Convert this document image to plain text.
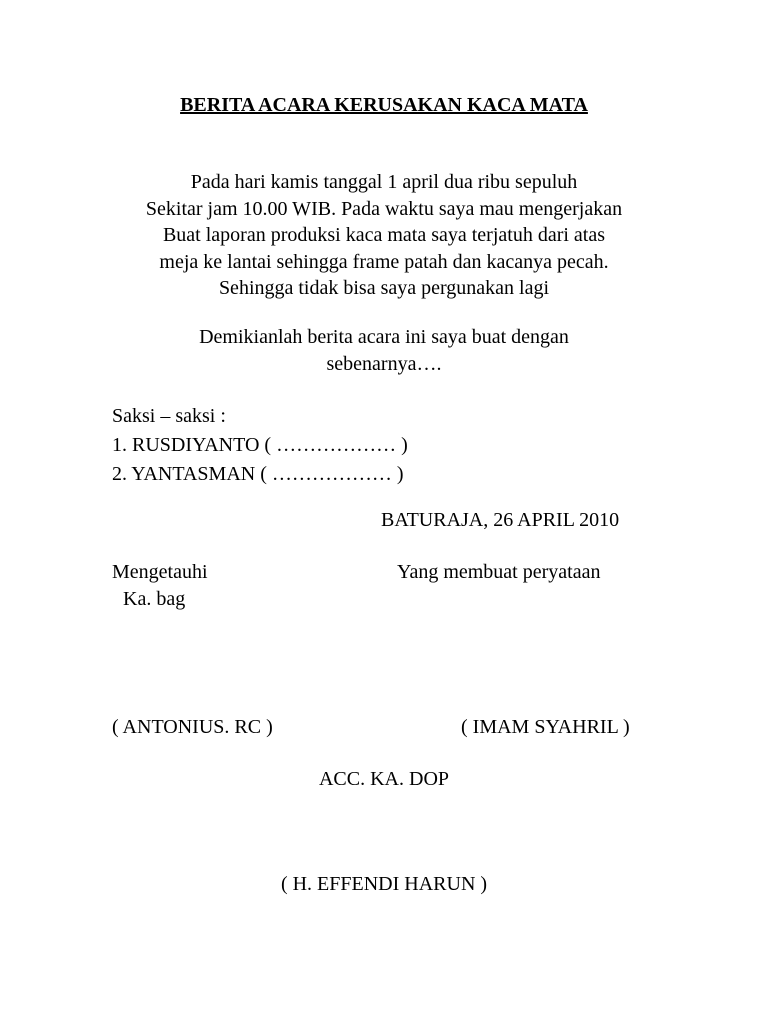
BERITA ACARA KERUSAKAN KACA MATA
Pada hari kamis tanggal 1 april dua ribu sepuluh
Sekitar jam 10.00 WIB. Pada waktu saya mau mengerjakan
Buat laporan produksi kaca mata saya terjatuh dari atas
meja ke lantai sehingga frame patah dan kacanya pecah.
Sehingga tidak bisa saya pergunakan lagi
Demikianlah berita acara ini saya buat dengan
sebenarnya….
Saksi – saksi :
1. RUSDIYANTO ( ……………… )
2. YANTASMAN ( ……………… )
BATURAJA, 26 APRIL 2010
Mengetauhi
Ka. bag
Yang membuat peryataan
( ANTONIUS. RC )	( IMAM SYAHRIL )
ACC. KA. DOP
( H. EFFENDI HARUN )
